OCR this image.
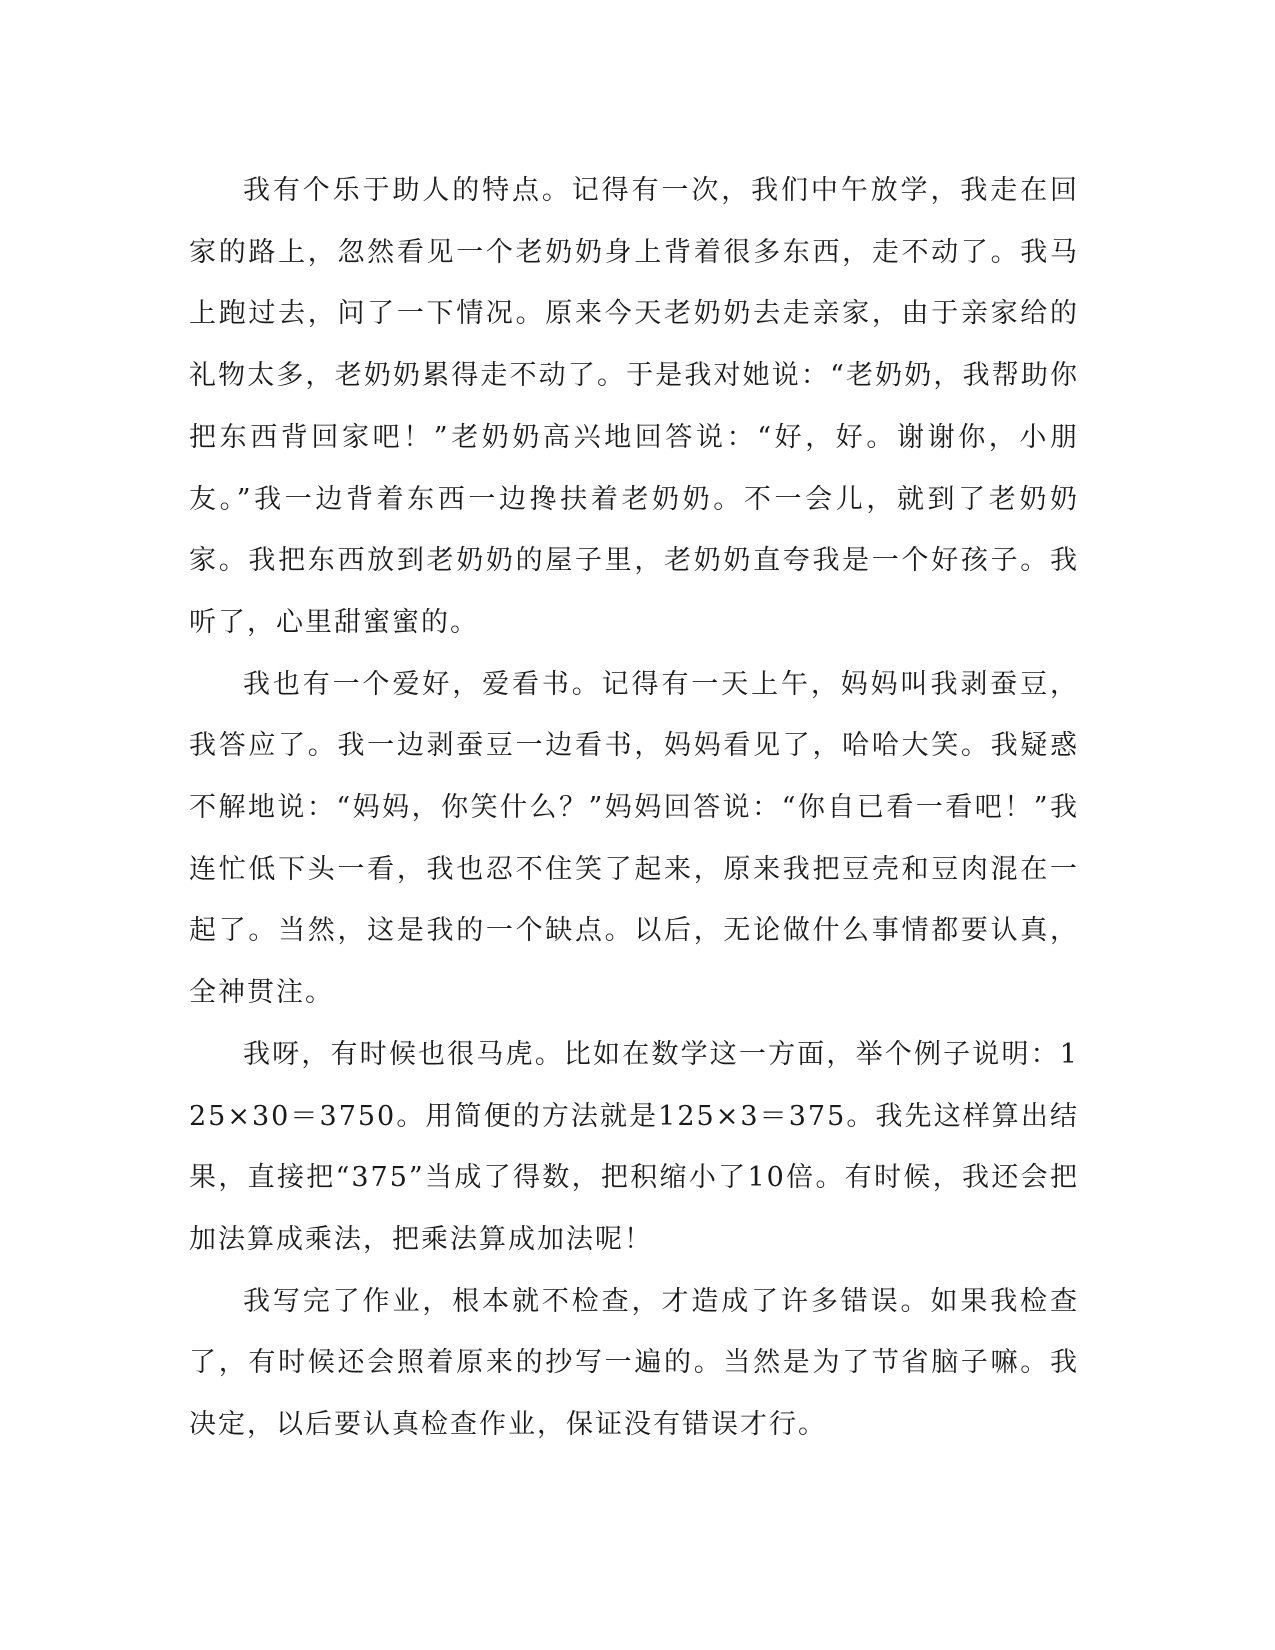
我有个乐于助人的特点。记得有一次，我们中午放学，我走在回家的路上，忽然看见一个老奶奶身上背着很多东西，走不动了。我马上跑过去，问了一下情况。原来今天老奶奶去走亲家，由于亲家给的礼物太多，老奶奶累得走不动了。于是我对她说：“老奶奶，我帮助你把东西背回家吧！”老奶奶高兴地回答说：“好，好。谢谢你，小朋友。”我一边背着东西一边搀扶着老奶奶。不一会儿，就到了老奶奶家。我把东西放到老奶奶的屋子里，老奶奶直夸我是一个好孩子。我听了，心里甜蜜蜜的。

我也有一个爱好，爱看书。记得有一天上午，妈妈叫我剥蚕豆，我答应了。我一边剥蚕豆一边看书，妈妈看见了，哈哈大笑。我疑惑不解地说：“妈妈，你笑什么？”妈妈回答说：“你自已看一看吧！”我连忙低下头一看，我也忍不住笑了起来，原来我把豆壳和豆肉混在一起了。当然，这是我的一个缺点。以后，无论做什么事情都要认真，全神贯注。

我呀，有时候也很马虎。比如在数学这一方面，举个例子说明：125×30＝3750。用简便的方法就是125×3＝375。我先这样算出结果，直接把“375”当成了得数，把积缩小了10倍。有时候，我还会把加法算成乘法，把乘法算成加法呢！

我写完了作业，根本就不检查，才造成了许多错误。如果我检查了，有时候还会照着原来的抄写一遍的。当然是为了节省脑子嘛。我决定，以后要认真检查作业，保证没有错误才行。
